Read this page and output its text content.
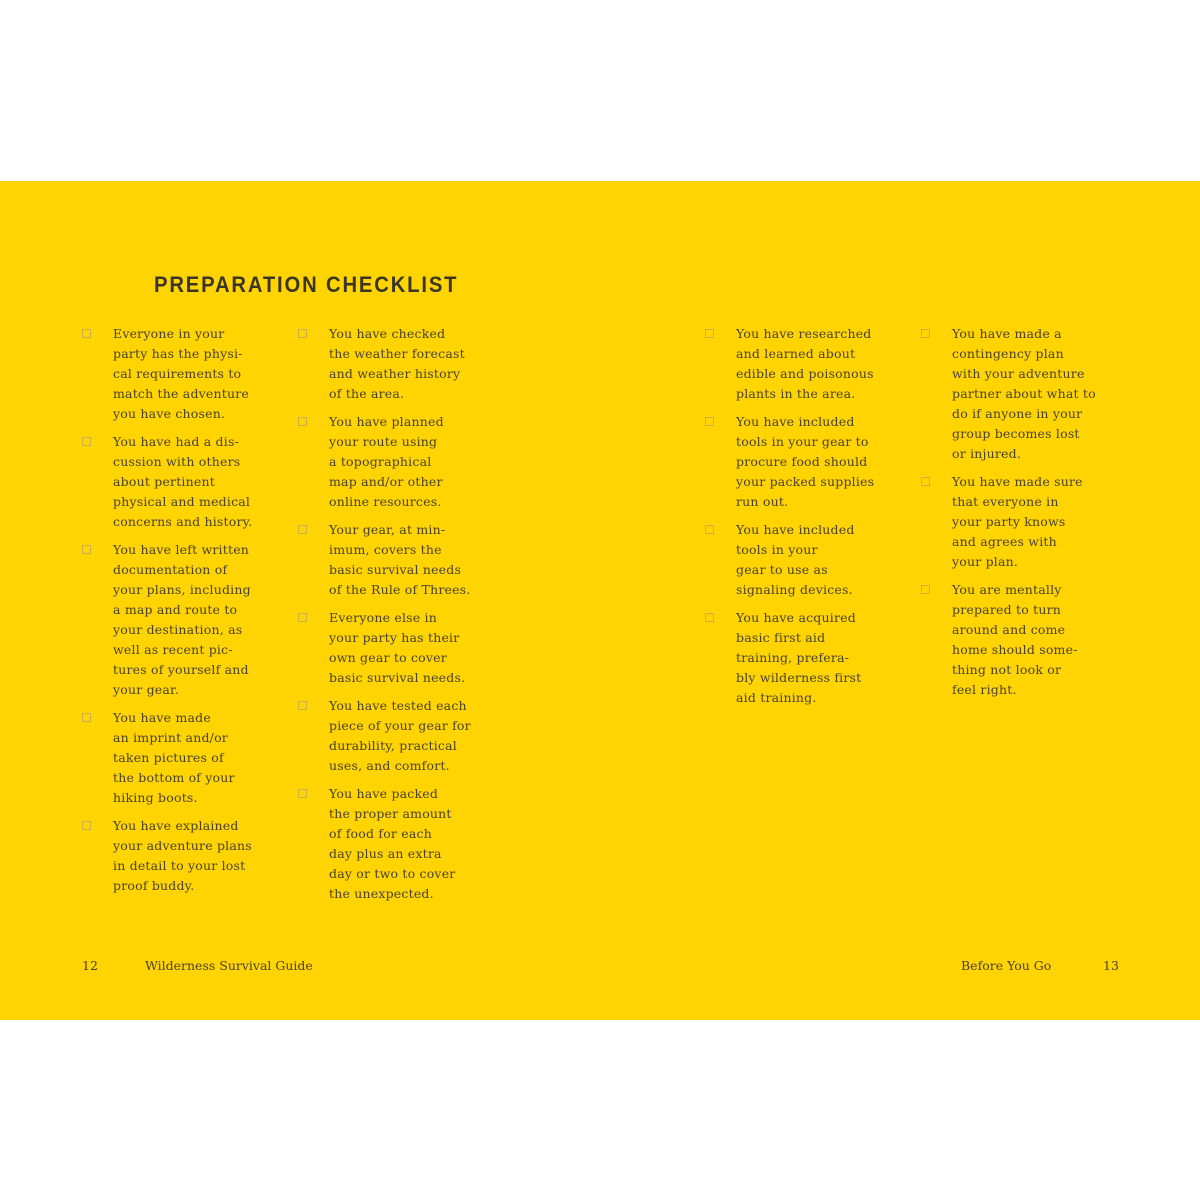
PREPARATION CHECKLIST
Everyone in your
party has the physi-
cal requirements to
match the adventure
you have chosen.
You have had a dis-
cussion with others
about pertinent
physical and medical
concerns and history.
You have left written
documentation of
your plans, including
a map and route to
your destination, as
well as recent pic-
tures of yourself and
your gear.
You have made
an imprint and/or
taken pictures of
the bottom of your
hiking boots.
You have explained
your adventure plans
in detail to your lost
proof buddy.
You have checked
the weather forecast
and weather history
of the area.
You have planned
your route using
a topographical
map and/or other
online resources.
Your gear, at min-
imum, covers the
basic survival needs
of the Rule of Threes.
Everyone else in
your party has their
own gear to cover
basic survival needs.
You have tested each
piece of your gear for
durability, practical
uses, and comfort.
You have packed
the proper amount
of food for each
day plus an extra
day or two to cover
the unexpected.
You have researched
and learned about
edible and poisonous
plants in the area.
You have included
tools in your gear to
procure food should
your packed supplies
run out.
You have included
tools in your
gear to use as
signaling devices.
You have acquired
basic first aid
training, prefera-
bly wilderness first
aid training.
You have made a
contingency plan
with your adventure
partner about what to
do if anyone in your
group becomes lost
or injured.
You have made sure
that everyone in
your party knows
and agrees with
your plan.
You are mentally
prepared to turn
around and come
home should some-
thing not look or
feel right.
12	Wilderness Survival Guide	Before You Go	13
